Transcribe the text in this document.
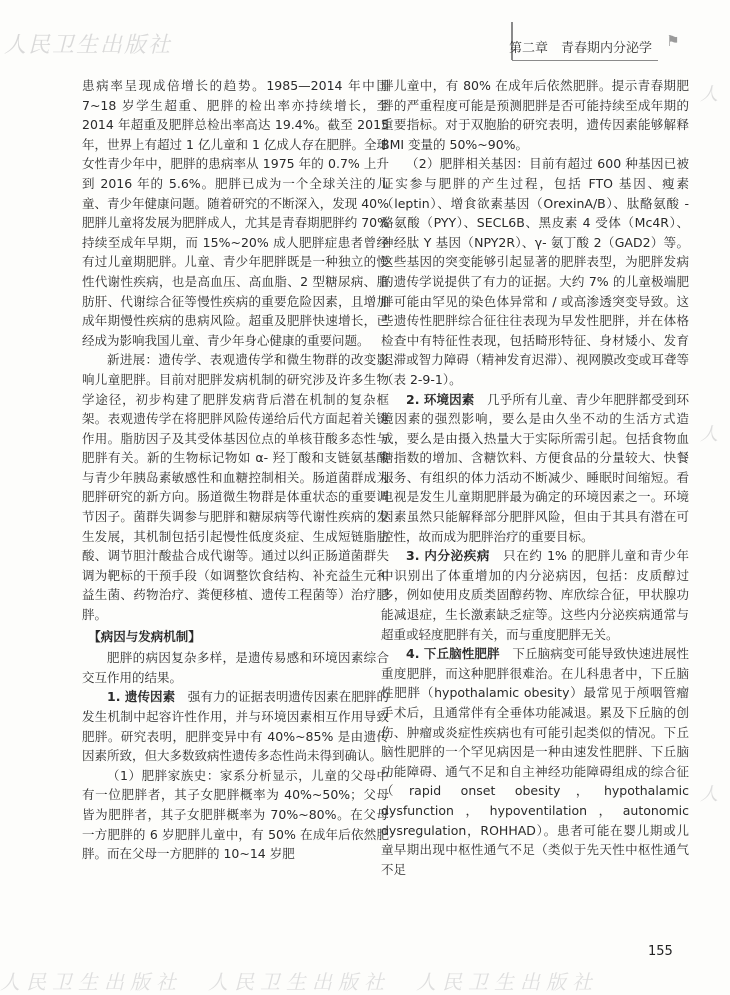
人民卫生出版社	第二章　青春期内分泌学 ⚑

患病率呈现成倍增长的趋势。1985—2014 年中国 7~18 岁学生超重、肥胖的检出率亦持续增长，至 2014 年超重及肥胖总检出率高达 19.4%。截至 2015 年，世界上有超过 1 亿儿童和 1 亿成人存在肥胖。全球女性青少年中，肥胖的患病率从 1975 年的 0.7% 上升到 2016 年的 5.6%。肥胖已成为一个全球关注的儿童、青少年健康问题。随着研究的不断深入，发现 40% 肥胖儿童将发展为肥胖成人，尤其是青春期肥胖约 70% 持续至成年早期，而 15%~20% 成人肥胖症患者曾经有过儿童期肥胖。儿童、青少年肥胖既是一种独立的慢性代谢性疾病，也是高血压、高血脂、2 型糖尿病、脂肪肝、代谢综合征等慢性疾病的重要危险因素，且增加成年期慢性疾病的患病风险。超重及肥胖快速增长，已经成为影响我国儿童、青少年身心健康的重要问题。

新进展：遗传学、表观遗传学和微生物群的改变影响儿童肥胖。目前对肥胖发病机制的研究涉及许多生物学途径，初步构建了肥胖发病背后潜在机制的复杂框架。表观遗传学在将肥胖风险传递给后代方面起着关键作用。脂肪因子及其受体基因位点的单核苷酸多态性与肥胖有关。新的生物标记物如 α- 羟丁酸和支链氨基酸与青少年胰岛素敏感性和血糖控制相关。肠道菌群成为肥胖研究的新方向。肠道微生物群是体重状态的重要调节因子。菌群失调参与肥胖和糖尿病等代谢性疾病的发生发展，其机制包括引起慢性低度炎症、生成短链脂肪酸、调节胆汁酸盐合成代谢等。通过以纠正肠道菌群失调为靶标的干预手段（如调整饮食结构、补充益生元和益生菌、药物治疗、粪便移植、遗传工程菌等）治疗肥胖。

【病因与发病机制】

肥胖的病因复杂多样，是遗传易感和环境因素综合交互作用的结果。

1. 遗传因素　强有力的证据表明遗传因素在肥胖的发生机制中起容许性作用，并与环境因素相互作用导致肥胖。研究表明，肥胖变异中有 40%~85% 是由遗传因素所致，但大多数致病性遗传多态性尚未得到确认。

（1）肥胖家族史：家系分析显示，儿童的父母中有一位肥胖者，其子女肥胖概率为 40%~50%；父母皆为肥胖者，其子女肥胖概率为 70%~80%。在父母一方肥胖的 6 岁肥胖儿童中，有 50% 在成年后依然肥胖。而在父母一方肥胖的 10~14 岁肥

胖儿童中，有 80% 在成年后依然肥胖。提示青春期肥胖的严重程度可能是预测肥胖是否可能持续至成年期的重要指标。对于双胞胎的研究表明，遗传因素能够解释 BMI 变量的 50%~90%。

（2）肥胖相关基因：目前有超过 600 种基因已被证实参与肥胖的产生过程，包括 FTO 基因、瘦素（leptin）、增食欲素基因（OrexinA/B）、肽酪氨酸 - 酪氨酸（PYY）、SECL6B、黑皮素 4 受体（Mc4R）、神经肽 Y 基因（NPY2R）、γ- 氨丁酸 2（GAD2）等。这些基因的突变能够引起显著的肥胖表型，为肥胖发病的遗传学说提供了有力的证据。大约 7% 的儿童极端肥胖可能由罕见的染色体异常和 / 或高渗透突变导致。这些遗传性肥胖综合征往往表现为早发性肥胖，并在体格检查中有特征性表现，包括畸形特征、身材矮小、发育迟滞或智力障碍（精神发育迟滞）、视网膜改变或耳聋等（表 2-9-1）。

2. 环境因素　几乎所有儿童、青少年肥胖都受到环境因素的强烈影响，要么是由久坐不动的生活方式造成，要么是由摄入热量大于实际所需引起。包括食物血糖指数的增加、含糖饮料、方便食品的分量较大、快餐服务、有组织的体力活动不断减少、睡眠时间缩短。看电视是发生儿童期肥胖最为确定的环境因素之一。环境因素虽然只能解释部分肥胖风险，但由于其具有潜在可控性，故而成为肥胖治疗的重要目标。

3. 内分泌疾病　只在约 1% 的肥胖儿童和青少年中识别出了体重增加的内分泌病因，包括：皮质醇过多，例如使用皮质类固醇药物、库欣综合征，甲状腺功能减退症，生长激素缺乏症等。这些内分泌疾病通常与超重或轻度肥胖有关，而与重度肥胖无关。

4. 下丘脑性肥胖　下丘脑病变可能导致快速进展性重度肥胖，而这种肥胖很难治。在儿科患者中，下丘脑性肥胖（hypothalamic obesity）最常见于颅咽管瘤手术后，且通常伴有全垂体功能减退。累及下丘脑的创伤、肿瘤或炎症性疾病也有可能引起类似的情况。下丘脑性肥胖的一个罕见病因是一种由速发性肥胖、下丘脑功能障碍、通气不足和自主神经功能障碍组成的综合征（rapid onset obesity，hypothalamic dysfunction，hypoventilation，autonomic dysregulation，ROHHAD）。患者可能在婴儿期或儿童早期出现中枢性通气不足（类似于先天性中枢性通气不足

人
人
人
155
人民卫生出版社　人民卫生出版社　人民卫生出版社
